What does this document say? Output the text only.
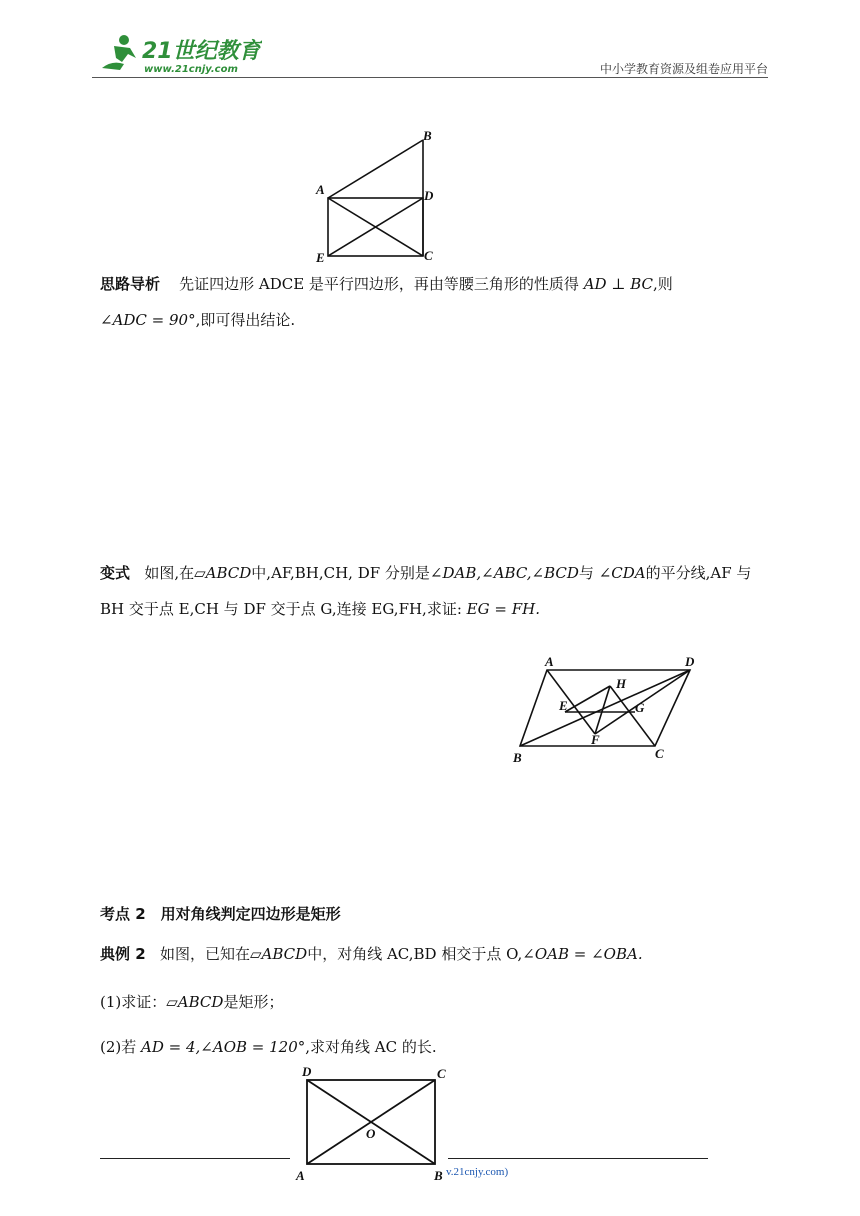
21世纪教育
www.21cnjy.com	中小学教育资源及组卷应用平台
A
B
C
D
E
思路导析 先证四边形 ADCE 是平行四边形，再由等腰三角形的性质得 AD ⊥ BC,则
∠ADC = 90°,即可得出结论.
变式 如图,在▱ABCD中,AF,BH,CH, DF 分别是∠DAB,∠ABC,∠BCD与 ∠CDA的平分线,AF 与 BH 交于点 E,CH 与 DF 交于点 G,连接 EG,FH,求证: EG = FH.
A
B	C
D
E
F
G
H
考点 2　用对角线判定四边形是矩形
典例 2 如图，已知在▱ABCD中，对角线 AC,BD 相交于点 O,∠OAB = ∠OBA.
(1)求证：▱ABCD是矩形；
(2)若 AD = 4,∠AOB = 120°,求对角线 AC 的长.
A	B
C
D
O
v.21cnjy.com)
